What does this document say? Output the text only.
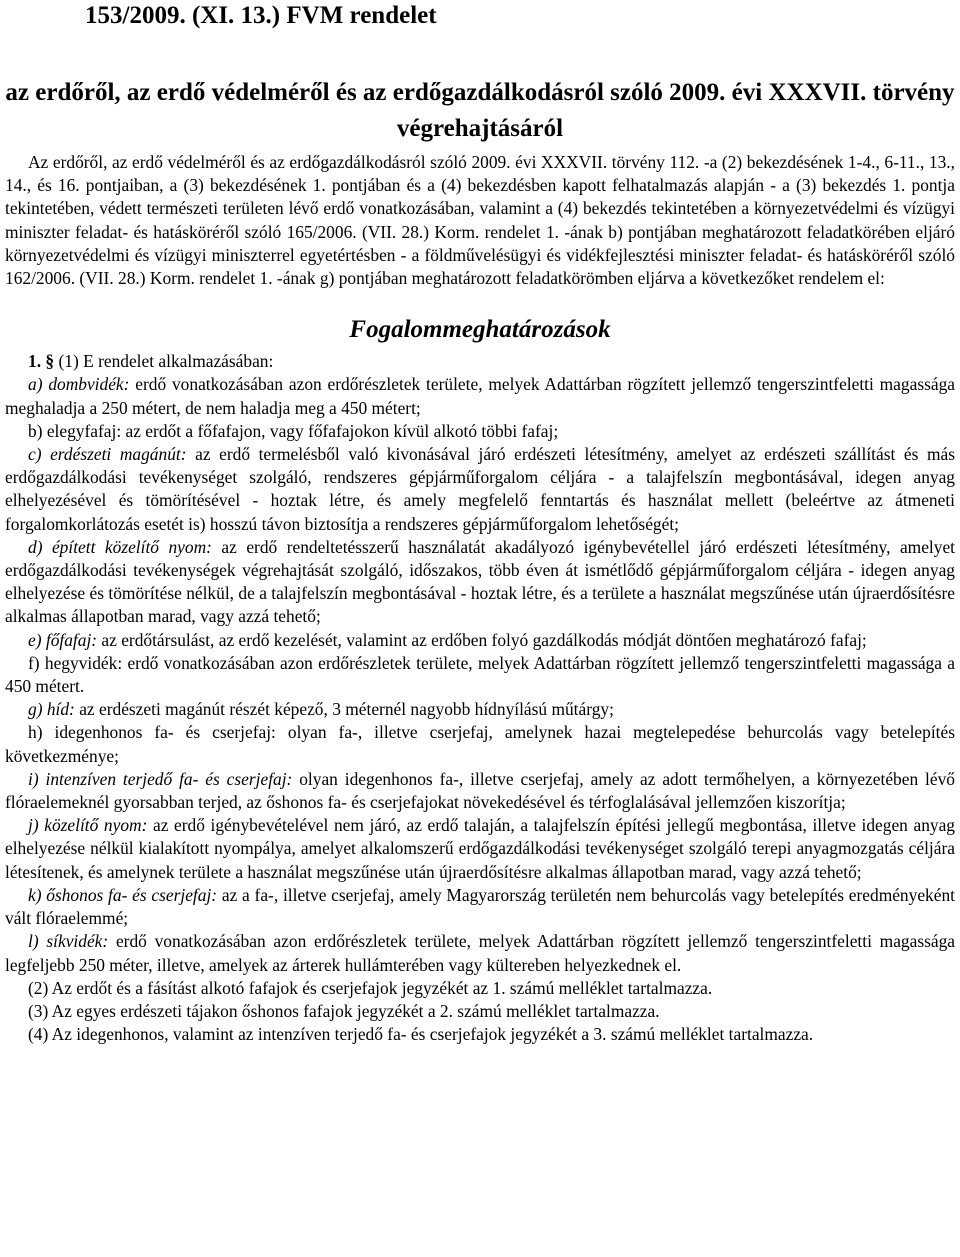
153/2009. (XI. 13.) FVM rendelet
az erdőről, az erdő védelméről és az erdőgazdálkodásról szóló 2009. évi XXXVII. törvény végrehajtásáról

Az erdőről, az erdő védelméről és az erdőgazdálkodásról szóló 2009. évi XXXVII. törvény 112. -a (2) bekezdésének 1-4., 6-11., 13., 14., és 16. pontjaiban, a (3) bekezdésének 1. pontjában és a (4) bekezdésben kapott felhatalmazás alapján - a (3) bekezdés 1. pontja tekintetében, védett természeti területen lévő erdő vonatkozásában, valamint a (4) bekezdés tekintetében a környezetvédelmi és vízügyi miniszter feladat- és hatásköréről szóló 165/2006. (VII. 28.) Korm. rendelet 1. -ának b) pontjában meghatározott feladatkörében eljáró környezetvédelmi és vízügyi miniszterrel egyetértésben - a földművelésügyi és vidékfejlesztési miniszter feladat- és hatásköréről szóló 162/2006. (VII. 28.) Korm. rendelet 1. -ának g) pontjában meghatározott feladatkörömben eljárva a következőket rendelem el:

Fogalommeghatározások

1. § (1) E rendelet alkalmazásában:

a) dombvidék: erdő vonatkozásában azon erdőrészletek területe, melyek Adattárban rögzített jellemző tengerszintfeletti magassága meghaladja a 250 métert, de nem haladja meg a 450 métert;

b) elegyfafaj: az erdőt a főfafajon, vagy főfafajokon kívül alkotó többi fafaj;

c) erdészeti magánút: az erdő termelésből való kivonásával járó erdészeti létesítmény, amelyet az erdészeti szállítást és más erdőgazdálkodási tevékenységet szolgáló, rendszeres gépjárműforgalom céljára - a talajfelszín megbontásával, idegen anyag elhelyezésével és tömörítésével - hoztak létre, és amely megfelelő fenntartás és használat mellett (beleértve az átmeneti forgalomkorlátozás esetét is) hosszú távon biztosítja a rendszeres gépjárműforgalom lehetőségét;

d) épített közelítő nyom: az erdő rendeltetésszerű használatát akadályozó igénybevétellel járó erdészeti létesítmény, amelyet erdőgazdálkodási tevékenységek végrehajtását szolgáló, időszakos, több éven át ismétlődő gépjárműforgalom céljára - idegen anyag elhelyezése és tömörítése nélkül, de a talajfelszín megbontásával - hoztak létre, és a területe a használat megszűnése után újraerdősítésre alkalmas állapotban marad, vagy azzá tehető;

e) főfafaj: az erdőtársulást, az erdő kezelését, valamint az erdőben folyó gazdálkodás módját döntően meghatározó fafaj;

f) hegyvidék: erdő vonatkozásában azon erdőrészletek területe, melyek Adattárban rögzített jellemző tengerszintfeletti magassága a 450 métert.

g) híd: az erdészeti magánút részét képező, 3 méternél nagyobb hídnyílású műtárgy;

h) idegenhonos fa- és cserjefaj: olyan fa-, illetve cserjefaj, amelynek hazai megtelepedése behurcolás vagy betelepítés következménye;

i) intenzíven terjedő fa- és cserjefaj: olyan idegenhonos fa-, illetve cserjefaj, amely az adott termőhelyen, a környezetében lévő flóraelemeknél gyorsabban terjed, az őshonos fa- és cserjefajokat növekedésével és térfoglalásával jellemzően kiszorítja;

j) közelítő nyom: az erdő igénybevételével nem járó, az erdő talaján, a talajfelszín építési jellegű megbontása, illetve idegen anyag elhelyezése nélkül kialakított nyompálya, amelyet alkalomszerű erdőgazdálkodási tevékenységet szolgáló terepi anyagmozgatás céljára létesítenek, és amelynek területe a használat megszűnése után újraerdősítésre alkalmas állapotban marad, vagy azzá tehető;

k) őshonos fa- és cserjefaj: az a fa-, illetve cserjefaj, amely Magyarország területén nem behurcolás vagy betelepítés eredményeként vált flóraelemmé;

l) síkvidék: erdő vonatkozásában azon erdőrészletek területe, melyek Adattárban rögzített jellemző tengerszintfeletti magassága legfeljebb 250 méter, illetve, amelyek az árterek hullámterében vagy kültereben helyezkednek el.

(2) Az erdőt és a fásítást alkotó fafajok és cserjefajok jegyzékét az 1. számú melléklet tartalmazza.

(3) Az egyes erdészeti tájakon őshonos fafajok jegyzékét a 2. számú melléklet tartalmazza.

(4) Az idegenhonos, valamint az intenzíven terjedő fa- és cserjefajok jegyzékét a 3. számú melléklet tartalmazza.
